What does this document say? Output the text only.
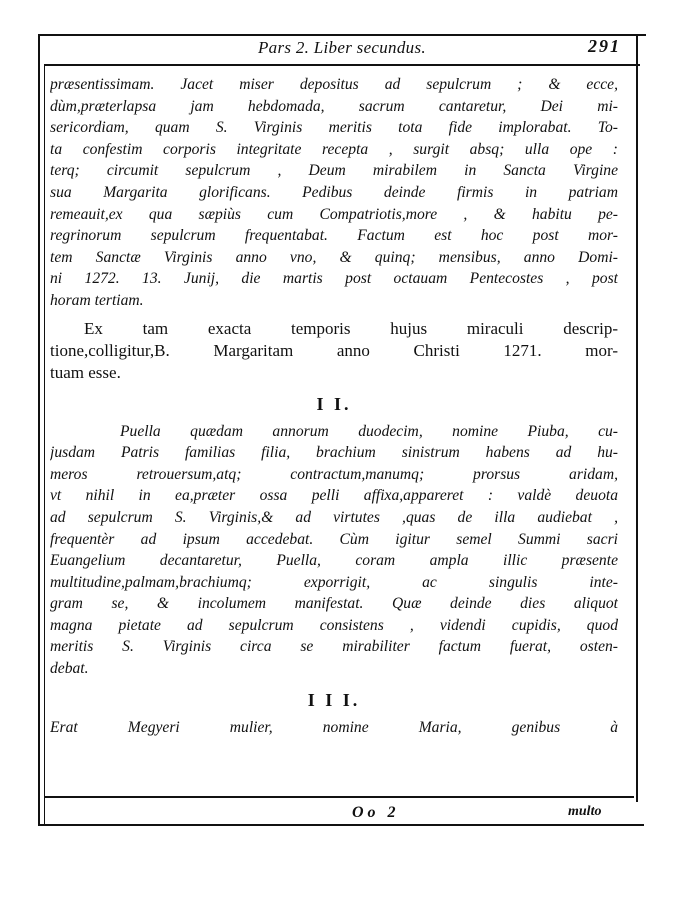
Pars 2. Liber secundus.	291

præsentissimam. Jacet miser depositus ad sepulcrum ; & ecce,
dùm,præterlapsa jam hebdomada, sacrum cantaretur, Dei mi-
sericordiam, quam S. Virginis meritis tota fide implorabat. To-
ta confestim corporis integritate recepta , surgit absq; ulla ope :
terq; circumit sepulcrum , Deum mirabilem in Sancta Virgine
sua Margarita glorificans. Pedibus deinde firmis in patriam
remeauit,ex qua sæpiùs cum Compatriotis,more , & habitu pe-
regrinorum sepulcrum frequentabat. Factum est hoc post mor-
tem Sanctæ Virginis anno vno, & quinq; mensibus, anno Domi-
ni 1272. 13. Junij, die martis post octauam Pentecostes , post
horam tertiam.

Ex tam exacta temporis hujus miraculi descrip-
tione,colligitur,B. Margaritam anno Christi 1271. mor-
tuam esse.

I I.

Puella quædam annorum duodecim, nomine Piuba, cu-
jusdam Patris familias filia, brachium sinistrum habens ad hu-
meros retrouersum,atq; contractum,manumq; prorsus aridam,
vt nihil in ea,præter ossa pelli affixa,appareret : valdè deuota
ad sepulcrum S. Virginis,& ad virtutes ,quas de illa audiebat ,
frequentèr ad ipsum accedebat. Cùm igitur semel Summi sacri
Euangelium decantaretur, Puella, coram ampla illic præsente
multitudine,palmam,brachiumq; exporrigit, ac singulis inte-
gram se, & incolumem manifestat. Quæ deinde dies aliquot
magna pietate ad sepulcrum consistens , videndi cupidis, quod
meritis S. Virginis circa se mirabiliter factum fuerat, osten-
debat.

I I I.

Erat Megyeri mulier, nomine Maria, genibus à

Oo 2	multo
